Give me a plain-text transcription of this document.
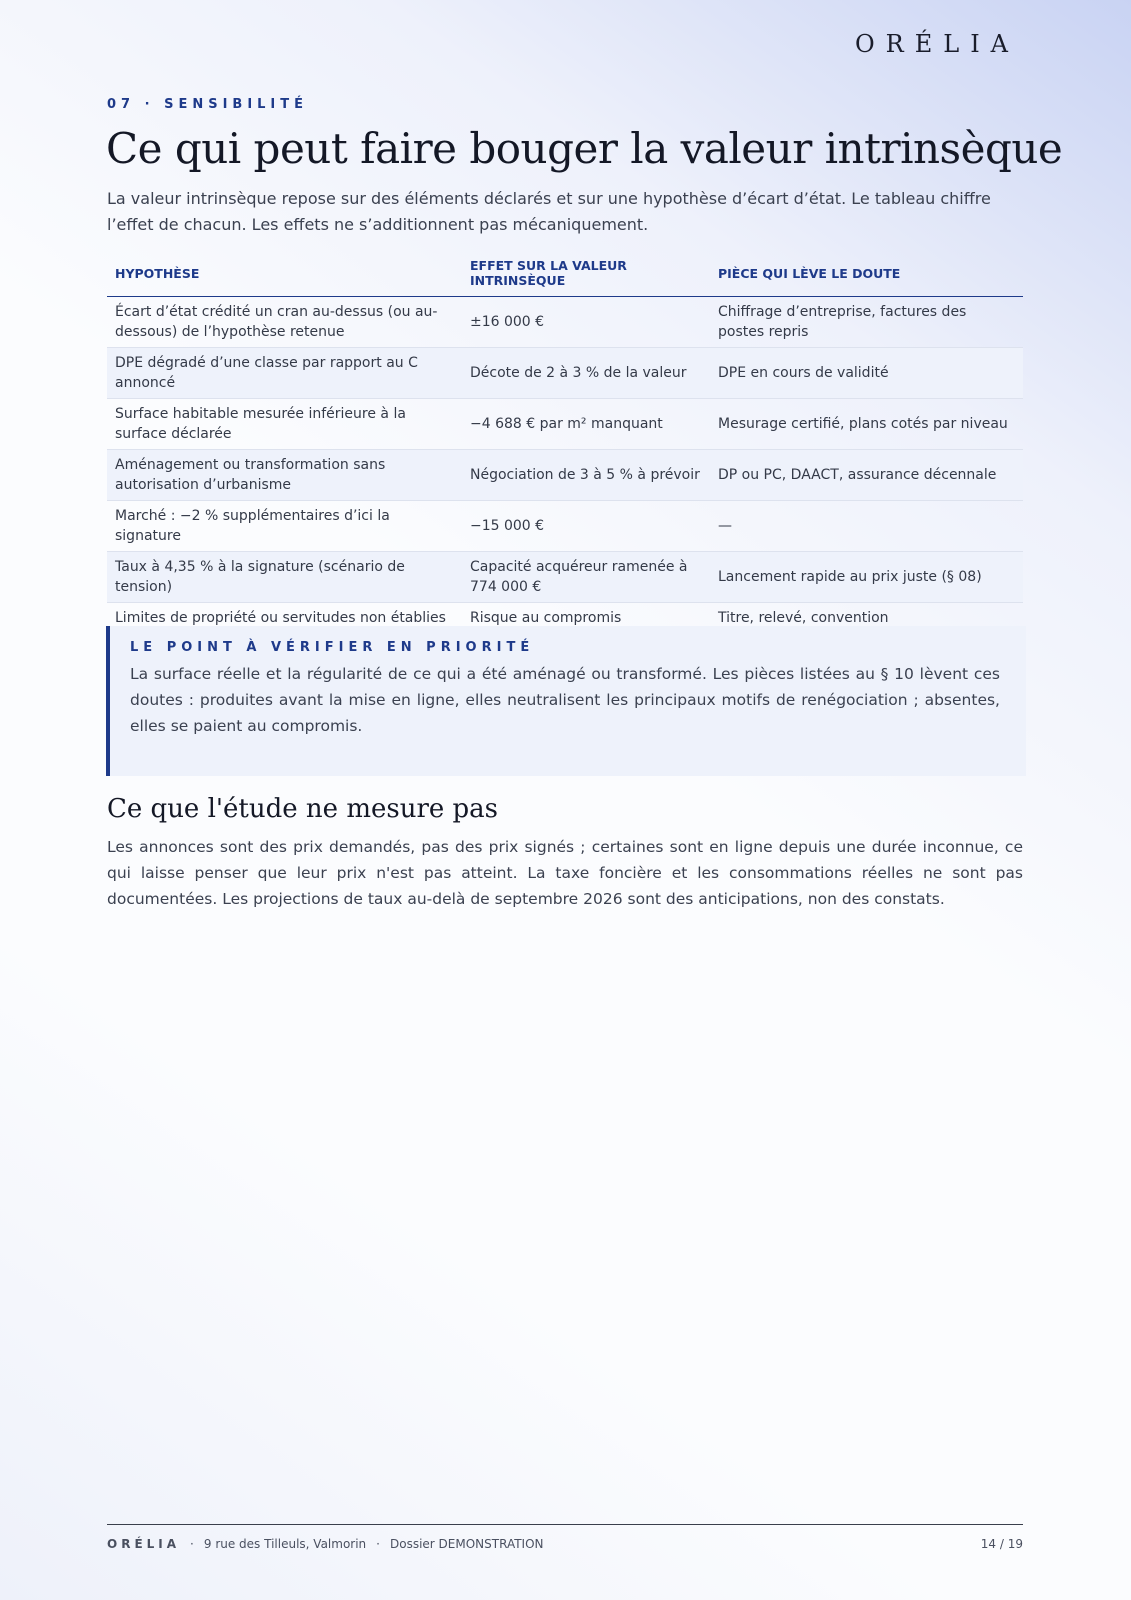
ORÉLIA
07 · SENSIBILITÉ
Ce qui peut faire bouger la valeur intrinsèque

La valeur intrinsèque repose sur des éléments déclarés et sur une hypothèse d’écart d’état. Le tableau chiffre l’effet de chacun. Les effets ne s’additionnent pas mécaniquement.

HYPOTHÈSE	EFFET SUR LA VALEUR INTRINSÈQUE	PIÈCE QUI LÈVE LE DOUTE
Écart d’état crédité un cran au-dessus (ou au-dessous) de l’hypothèse retenue	±16 000 €	Chiffrage d’entreprise, factures des postes repris
DPE dégradé d’une classe par rapport au C annoncé	Décote de 2 à 3 % de la valeur	DPE en cours de validité
Surface habitable mesurée inférieure à la surface déclarée	−4 688 € par m² manquant	Mesurage certifié, plans cotés par niveau
Aménagement ou transformation sans autorisation d’urbanisme	Négociation de 3 à 5 % à prévoir	DP ou PC, DAACT, assurance décennale
Marché : −2 % supplémentaires d’ici la signature	−15 000 €	—
Taux à 4,35 % à la signature (scénario de tension)	Capacité acquéreur ramenée à 774 000 €	Lancement rapide au prix juste (§ 08)
Limites de propriété ou servitudes non établies	Risque au compromis	Titre, relevé, convention
LE POINT À VÉRIFIER EN PRIORITÉ
La surface réelle et la régularité de ce qui a été aménagé ou transformé. Les pièces listées au § 10 lèvent ces doutes : produites avant la mise en ligne, elles neutralisent les principaux motifs de renégociation ; absentes, elles se paient au compromis.
Ce que l'étude ne mesure pas

Les annonces sont des prix demandés, pas des prix signés ; certaines sont en ligne depuis une durée inconnue, ce qui laisse penser que leur prix n'est pas atteint. La taxe foncière et les consommations réelles ne sont pas documentées. Les projections de taux au-delà de septembre 2026 sont des anticipations, non des constats.

ORÉLIA · 9 rue des Tilleuls, Valmorin · Dossier DEMONSTRATION	14 / 19
